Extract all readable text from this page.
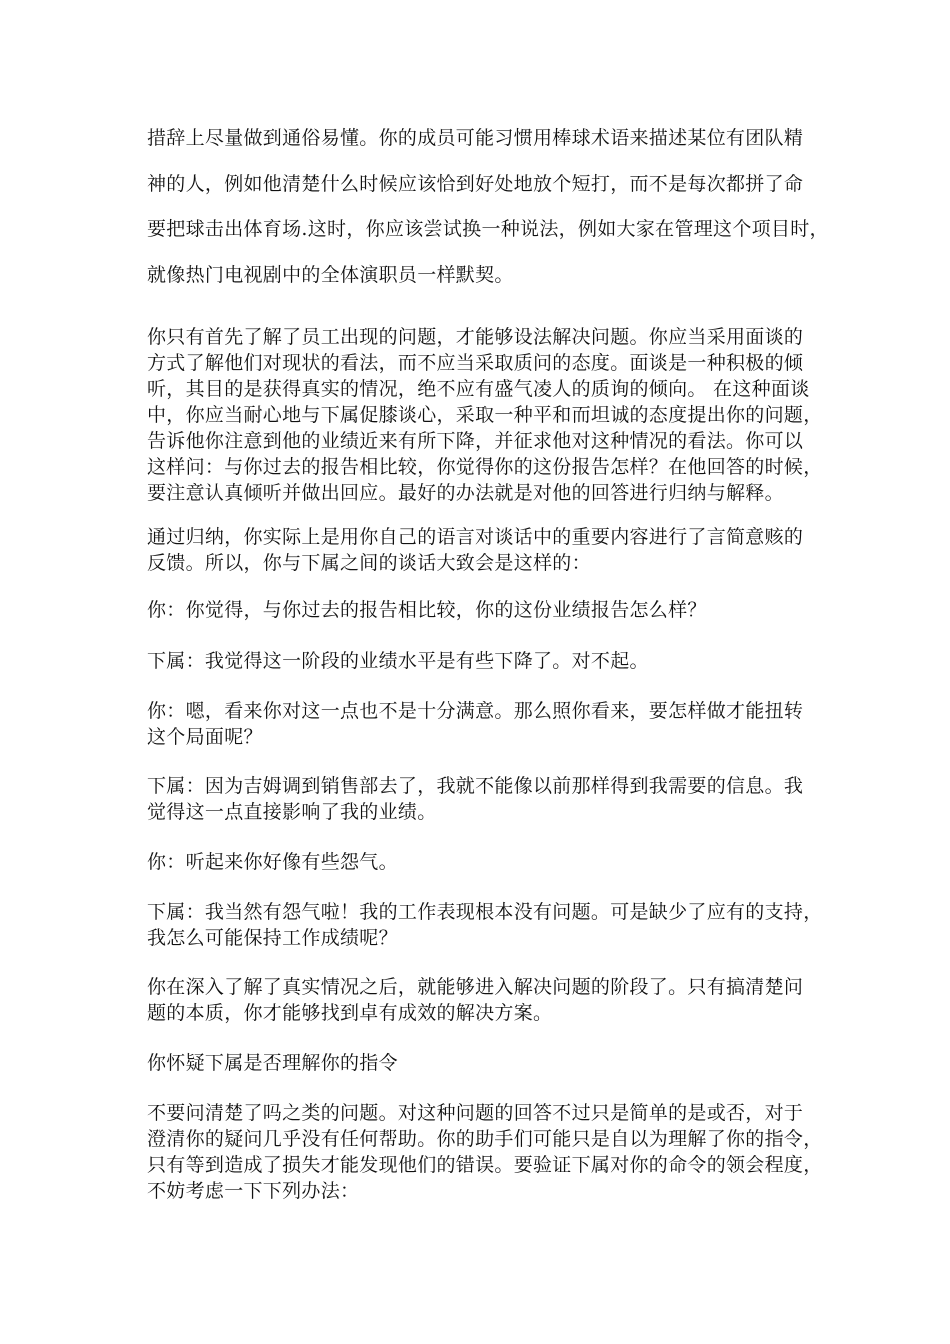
措辞上尽量做到通俗易懂。你的成员可能习惯用棒球术语来描述某位有团队精
神的人，例如他清楚什么时候应该恰到好处地放个短打，而不是每次都拼了命
要把球击出体育场.这时，你应该尝试换一种说法，例如大家在管理这个项目时，
就像热门电视剧中的全体演职员一样默契。
你只有首先了解了员工出现的问题，才能够设法解决问题。你应当采用面谈的
方式了解他们对现状的看法，而不应当采取质问的态度。面谈是一种积极的倾
听，其目的是获得真实的情况，绝不应有盛气凌人的质询的倾向。 在这种面谈
中，你应当耐心地与下属促膝谈心，采取一种平和而坦诚的态度提出你的问题，
告诉他你注意到他的业绩近来有所下降，并征求他对这种情况的看法。你可以
这样问：与你过去的报告相比较，你觉得你的这份报告怎样？在他回答的时候，
要注意认真倾听并做出回应。最好的办法就是对他的回答进行归纳与解释。
通过归纳，你实际上是用你自己的语言对谈话中的重要内容进行了言简意赅的
反馈。所以，你与下属之间的谈话大致会是这样的：
你：你觉得，与你过去的报告相比较，你的这份业绩报告怎么样？
下属：我觉得这一阶段的业绩水平是有些下降了。对不起。
你：嗯，看来你对这一点也不是十分满意。那么照你看来，要怎样做才能扭转
这个局面呢？
下属：因为吉姆调到销售部去了，我就不能像以前那样得到我需要的信息。我
觉得这一点直接影响了我的业绩。
你：听起来你好像有些怨气。
下属：我当然有怨气啦！我的工作表现根本没有问题。可是缺少了应有的支持，
我怎么可能保持工作成绩呢？
你在深入了解了真实情况之后，就能够进入解决问题的阶段了。只有搞清楚问
题的本质，你才能够找到卓有成效的解决方案。
你怀疑下属是否理解你的指令
不要问清楚了吗之类的问题。对这种问题的回答不过只是简单的是或否，对于
澄清你的疑问几乎没有任何帮助。你的助手们可能只是自以为理解了你的指令，
只有等到造成了损失才能发现他们的错误。要验证下属对你的命令的领会程度，
不妨考虑一下下列办法：
